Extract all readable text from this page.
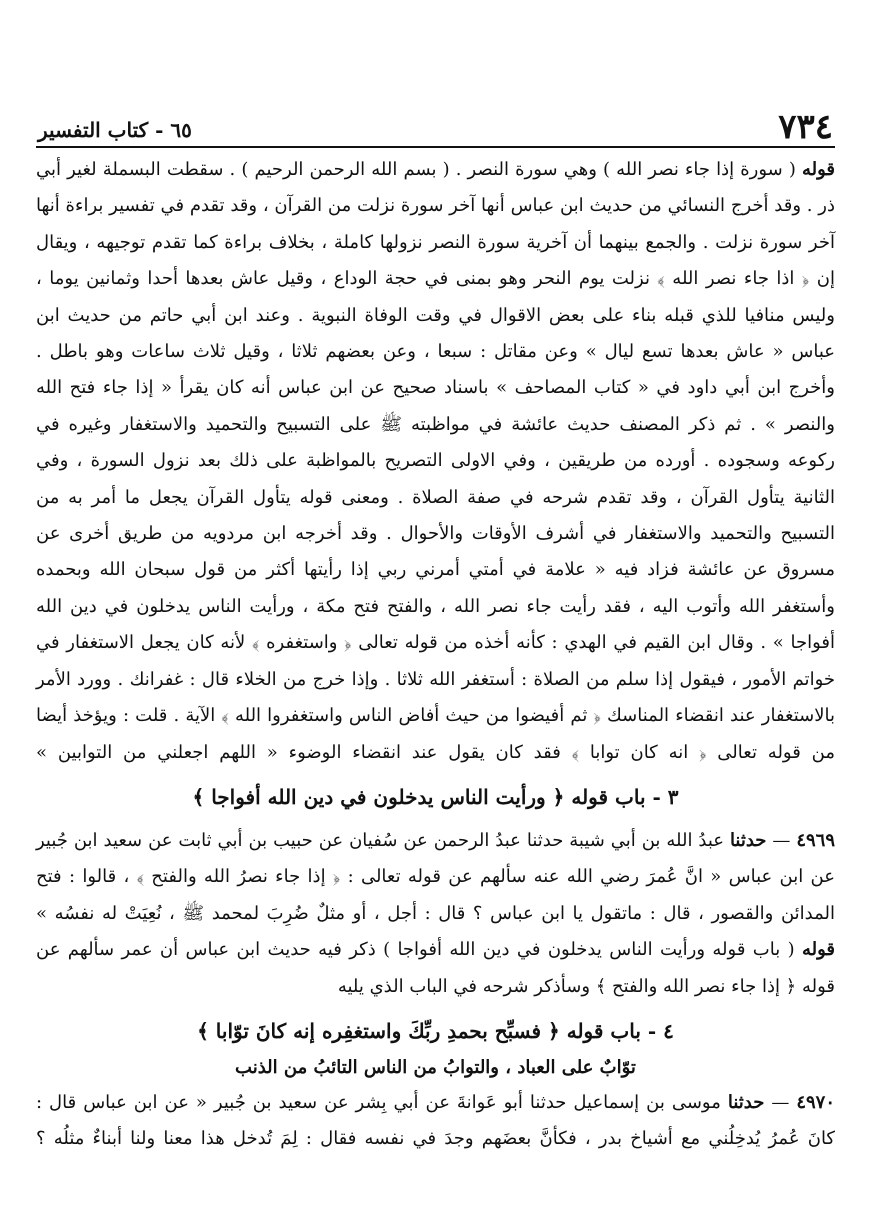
٧٣٤
٦٥ - كتاب التفسير

قوله ( سورة إذا جاء نصر الله ) وهي سورة النصر . ( بسم الله الرحمن الرحيم ) . سقطت البسملة لغير أبي ذر . وقد أخرج النسائي من حديث ابن عباس أنها آخر سورة نزلت من القرآن ، وقد تقدم في تفسير براءة أنها آخر سورة نزلت . والجمع بينهما أن آخرية سورة النصر نزولها كاملة ، بخلاف براءة كما تقدم توجيهه ، ويقال إن ﴿ اذا جاء نصر الله ﴾ نزلت يوم النحر وهو بمنى في حجة الوداع ، وقيل عاش بعدها أحدا وثمانين يوما ، وليس منافيا للذي قبله بناء على بعض الاقوال في وقت الوفاة النبوية . وعند ابن أبي حاتم من حديث ابن عباس « عاش بعدها تسع ليال » وعن مقاتل : سبعا ، وعن بعضهم ثلاثا ، وقيل ثلاث ساعات وهو باطل . وأخرج ابن أبي داود في « كتاب المصاحف » باسناد صحيح عن ابن عباس أنه كان يقرأ « إذا جاء فتح الله والنصر » . ثم ذكر المصنف حديث عائشة في مواظبته ﷺ على التسبيح والتحميد والاستغفار وغيره في ركوعه وسجوده . أورده من طريقين ، وفي الاولى التصريح بالمواظبة على ذلك بعد نزول السورة ، وفي الثانية يتأول القرآن ، وقد تقدم شرحه في صفة الصلاة . ومعنى قوله يتأول القرآن يجعل ما أمر به من التسبيح والتحميد والاستغفار في أشرف الأوقات والأحوال . وقد أخرجه ابن مردويه من طريق أخرى عن مسروق عن عائشة فزاد فيه « علامة في أمتي أمرني ربي إذا رأيتها أكثر من قول سبحان الله وبحمده وأستغفر الله وأتوب اليه ، فقد رأيت جاء نصر الله ، والفتح فتح مكة ، ورأيت الناس يدخلون في دين الله أفواجا » . وقال ابن القيم في الهدي : كأنه أخذه من قوله تعالى ﴿ واستغفره ﴾ لأنه كان يجعل الاستغفار في خواتم الأمور ، فيقول إذا سلم من الصلاة : أستغفر الله ثلاثا . وإذا خرج من الخلاء قال : غفرانك . وورد الأمر بالاستغفار عند انقضاء المناسك ﴿ ثم أفيضوا من حيث أفاض الناس واستغفروا الله ﴾ الآية . قلت : ويؤخذ أيضا من قوله تعالى ﴿ انه كان توابا ﴾ فقد كان يقول عند انقضاء الوضوء « اللهم اجعلني من التوابين »

٣ - باب قوله ﴿ ورأيت الناس يدخلون في دين الله أفواجا ﴾

٤٩٦٩ — حدثنا عبدُ الله بن أبي شيبة حدثنا عبدُ الرحمن عن سُفيان عن حبيب بن أبي ثابت عن سعيد ابن جُبير عن ابن عباس « انَّ عُمرَ رضي الله عنه سألهم عن قوله تعالى : ﴿ إذا جاء نصرُ الله والفتح ﴾ ، قالوا : فتح المدائن والقصور ، قال : ماتقول يا ابن عباس ؟ قال : أجل ، أو مثلٌ ضُرِبَ لمحمد ﷺ ، نُعِيَتْ له نفسُه »

قوله ( باب قوله ورأيت الناس يدخلون في دين الله أفواجا ) ذكر فيه حديث ابن عباس أن عمر سألهم عن قوله ﴿ إذا جاء نصر الله والفتح ﴾ وسأذكر شرحه في الباب الذي يليه

٤ - باب قوله ﴿ فسبِّح بحمدِ ربِّكَ واستغفِره إنه كانَ توّابا ﴾
توّابٌ على العباد ، والتوابُ من الناس التائبُ من الذنب

٤٩٧٠ — حدثنا موسى بن إسماعيل حدثنا أبو عَوانةَ عن أبي بِشر عن سعيد بن جُبير « عن ابن عباس قال : كانَ عُمرُ يُدخِلُني مع أشياخ بدر ، فكأنَّ بعضَهم وجدَ في نفسه فقال : لِمَ تُدخل هذا معنا ولنا أبناءٌ مثلُه ؟
